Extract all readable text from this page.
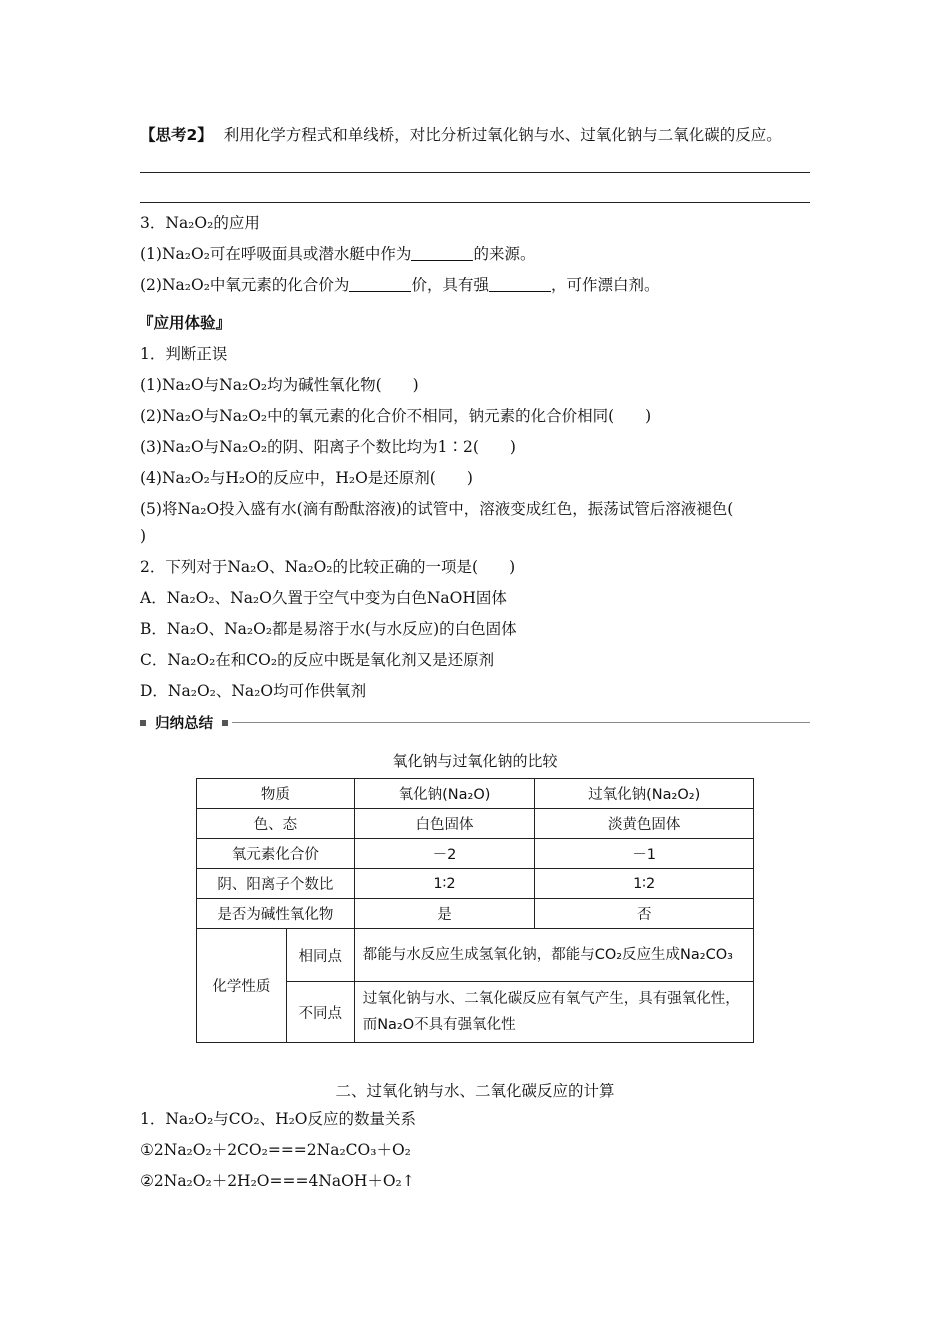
【思考2】 利用化学方程式和单线桥，对比分析过氧化钠与水、过氧化钠与二氧化碳的反应。
3．Na₂O₂的应用
(1)Na₂O₂可在呼吸面具或潜水艇中作为	的来源。
(2)Na₂O₂中氧元素的化合价为	价，具有强	，可作漂白剂。
『应用体验』
1．判断正误
(1)Na₂O与Na₂O₂均为碱性氧化物(　　)
(2)Na₂O与Na₂O₂中的氧元素的化合价不相同，钠元素的化合价相同(　　)
(3)Na₂O与Na₂O₂的阴、阳离子个数比均为1∶2(　　)
(4)Na₂O₂与H₂O的反应中，H₂O是还原剂(　　)
(5)将Na₂O投入盛有水(滴有酚酞溶液)的试管中，溶液变成红色，振荡试管后溶液褪色(
)
2．下列对于Na₂O、Na₂O₂的比较正确的一项是(　　)
A．Na₂O₂、Na₂O久置于空气中变为白色NaOH固体
B．Na₂O、Na₂O₂都是易溶于水(与水反应)的白色固体
C．Na₂O₂在和CO₂的反应中既是氧化剂又是还原剂
D．Na₂O₂、Na₂O均可作供氧剂
归纳总结
氧化钠与过氧化钠的比较
物质		氧化钠(Na₂O)	过氧化钠(Na₂O₂)
色、态		白色固体	淡黄色固体
氧元素化合价		－2	－1
阴、阳离子个数比		1∶2	1∶2
是否为碱性氧化物		是	否
化学性质	相同点	都能与水反应生成氢氧化钠，都能与CO₂反应生成Na₂CO₃	
	不同点	过氧化钠与水、二氧化碳反应有氧气产生，具有强氧化性，而Na₂O不具有强氧化性	
二、过氧化钠与水、二氧化碳反应的计算
1．Na₂O₂与CO₂、H₂O反应的数量关系
①2Na₂O₂＋2CO₂===2Na₂CO₃＋O₂
②2Na₂O₂＋2H₂O===4NaOH＋O₂↑
